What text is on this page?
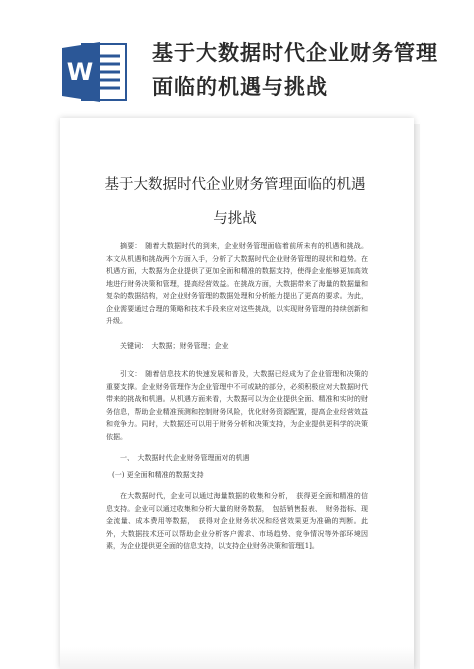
W
基于大数据时代企业财务管理面临的机遇与挑战
基于大数据时代企业财务管理面临的机遇与挑战
摘要：　随着大数据时代的到来，企业财务管理面临着前所未有的机遇和挑战。本文从机遇和挑战两个方面入手，分析了大数据时代企业财务管理的现状和趋势。在机遇方面，大数据为企业提供了更加全面和精准的数据支持，使得企业能够更加高效地进行财务决策和管理，提高经营效益。在挑战方面，大数据带来了海量的数据量和复杂的数据结构，对企业财务管理的数据处理和分析能力提出了更高的要求。为此，企业需要通过合理的策略和技术手段来应对这些挑战，以实现财务管理的持续创新和升级。
关键词：　大数据；财务管理；企业
引文：　随着信息技术的快速发展和普及，大数据已经成为了企业管理和决策的重要支撑。企业财务管理作为企业管理中不可或缺的部分，必须积极应对大数据时代带来的挑战和机遇。从机遇方面来看，大数据可以为企业提供全面、精准和实时的财务信息，帮助企业精准预测和控制财务风险，优化财务资源配置，提高企业经营效益和竞争力。同时，大数据还可以用于财务分析和决策支持，为企业提供更科学的决策依据。
一、　大数据时代企业财务管理面对的机遇
(一) 更全面和精准的数据支持
在大数据时代，企业可以通过海量数据的收集和分析，　获得更全面和精准的信息支持。企业可以通过收集和分析大量的财务数据，　包括销售报表、　财务指标、现金流量、成本费用等数据，　获得对企业财务状况和经营效果更为准确的判断。此外，大数据技术还可以帮助企业分析客户需求、市场趋势、竞争情况等外部环境因素，为企业提供更全面的信息支持，以支持企业财务决策和管理[1]。
